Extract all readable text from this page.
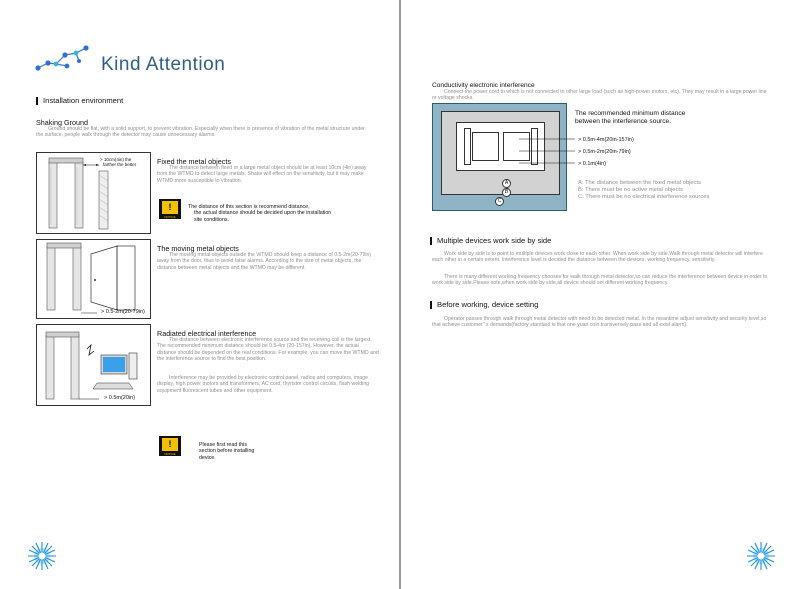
Kind Attention
Installation environment
Shaking Ground
Ground should be flat, with a solid support, to prevent vibration. Especially when there is presence of vibration of the metal structure under the surface, people walk through the detector may cause unnecessary alarms.
> 10cm(4in) the
farther the better	Fixed the metal objects
The distance between fixed or a large metal object should be at least 10cm (4in) away from the WTMD to detect large metals. Shake will effect on the sensitivity, but it may make WTMD more susceptible to vibration.
!
NOTICE
The distance of this section is recommend distance,
the actual distance should be decided upon the installation
site conditions.
> 0.5-2m(20-79in)
The moving metal objects
The moving metal objects outside the WTMD should keep a distance of 0.5-2m(20-79in) away from the door, thus to avoid false alarms. According to the size of metal objects, the distance between metal objects and the WTMD may be different.
> 0.5m(20in)
Radiated electrical interference
The distance between electronic interference source and the receiving coil is the largest. The recommended minimum distance should be 0.5-4m (20-157in). However, the actual distance should be depended on the real conditions. For example, you can move the WTMD and the interference source to find the best position.
Interference may be provided by electronic control panel, radios and computers, image display, high power motors and transformers, AC cord, thyristor control circuits, flash welding equipment fluorescent tubes and other equipment.
!
NOTICE
Please first read this
section before installing
device.
Conductivity electronic interference
Connect the power cord to which is not connected to other large load (such as high-power motors, etc). They may result in a large power line or voltage shocks.
A
B
C
The recommended minimum distance
between the interference source.
> 0.5m-4m(20in-157in)
> 0.5m-2m(20in-79in)
> 0.1m(4in)
A: The distance between the fixed metal objects
B: There must be no active metal objects
C: There must be no electrical interference sources
Multiple devices work side by side
Work side by side is to point to multiple devices work close to each other. When work side by side,Walk through metal detector will interfere each other in a certain extent. Interference level is decided the distance between the devices, working frequency, sensitivity.
There is many different working frequency chooses for walk through metal detector,so can reduce the interference between device in order to work side by side.Please note,when work side by side,all device should set different working frequency.
Before working, device setting
Operator passes through walk through metal detector with need to be detected metal. In the meantime adjust sensitivity and security level,so that achieve customer" s demands(factory standard is that one yuan coin transversely pass and all exist alarm).
